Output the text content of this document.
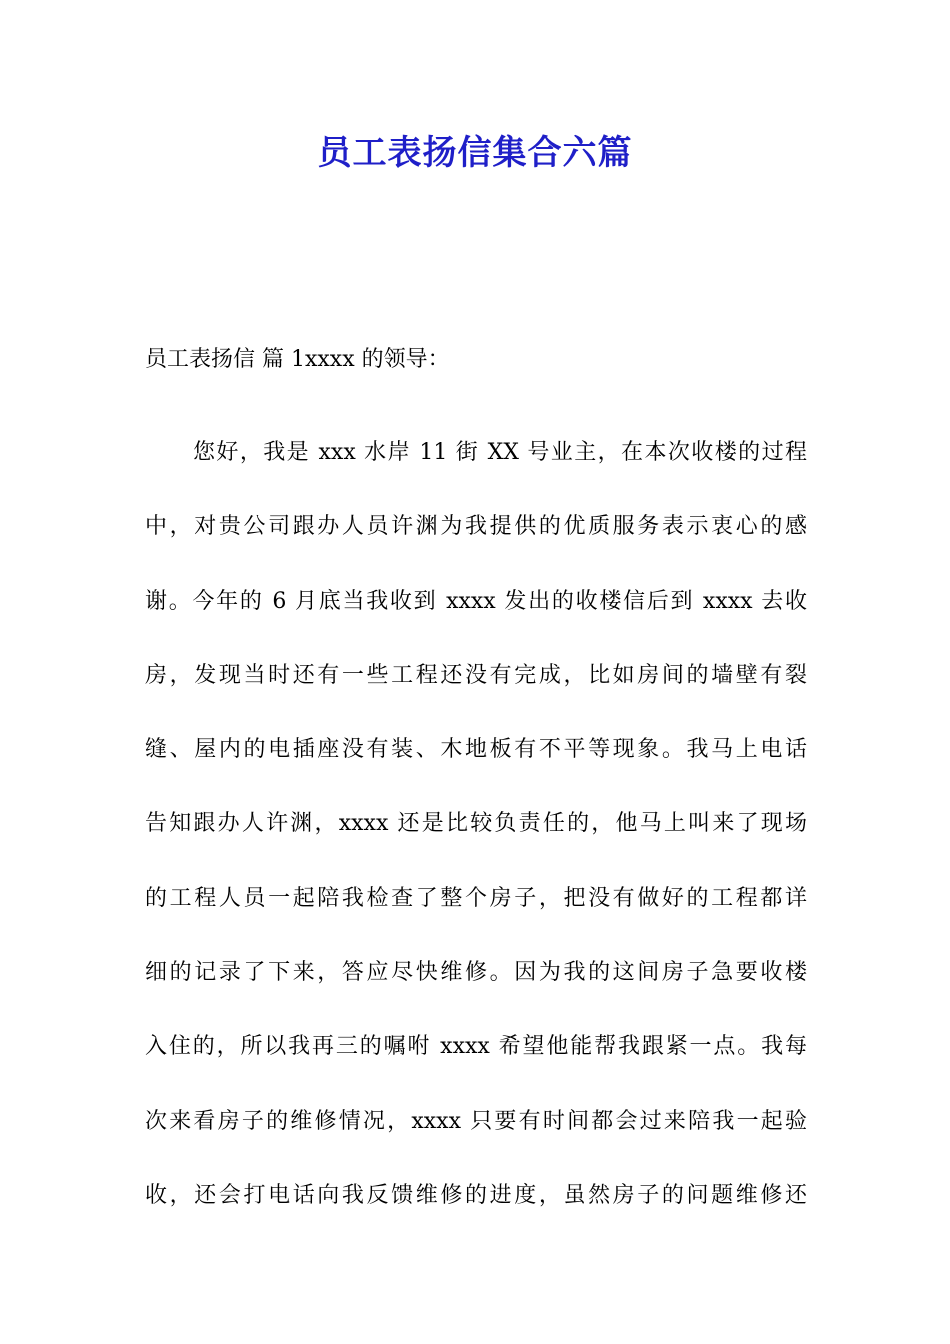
员工表扬信集合六篇

员工表扬信 篇 1xxxx 的领导：

您好，我是 xxx 水岸 11 街 XX 号业主，在本次收楼的过程
中，对贵公司跟办人员许渊为我提供的优质服务表示衷心的感
谢。今年的 6 月底当我收到 xxxx 发出的收楼信后到 xxxx 去收
房，发现当时还有一些工程还没有完成，比如房间的墙壁有裂
缝、屋内的电插座没有装、木地板有不平等现象。我马上电话
告知跟办人许渊，xxxx 还是比较负责任的，他马上叫来了现场
的工程人员一起陪我检查了整个房子，把没有做好的工程都详
细的记录了下来，答应尽快维修。因为我的这间房子急要收楼
入住的，所以我再三的嘱咐 xxxx 希望他能帮我跟紧一点。我每
次来看房子的维修情况，xxxx 只要有时间都会过来陪我一起验
收，还会打电话向我反馈维修的进度，虽然房子的问题维修还
